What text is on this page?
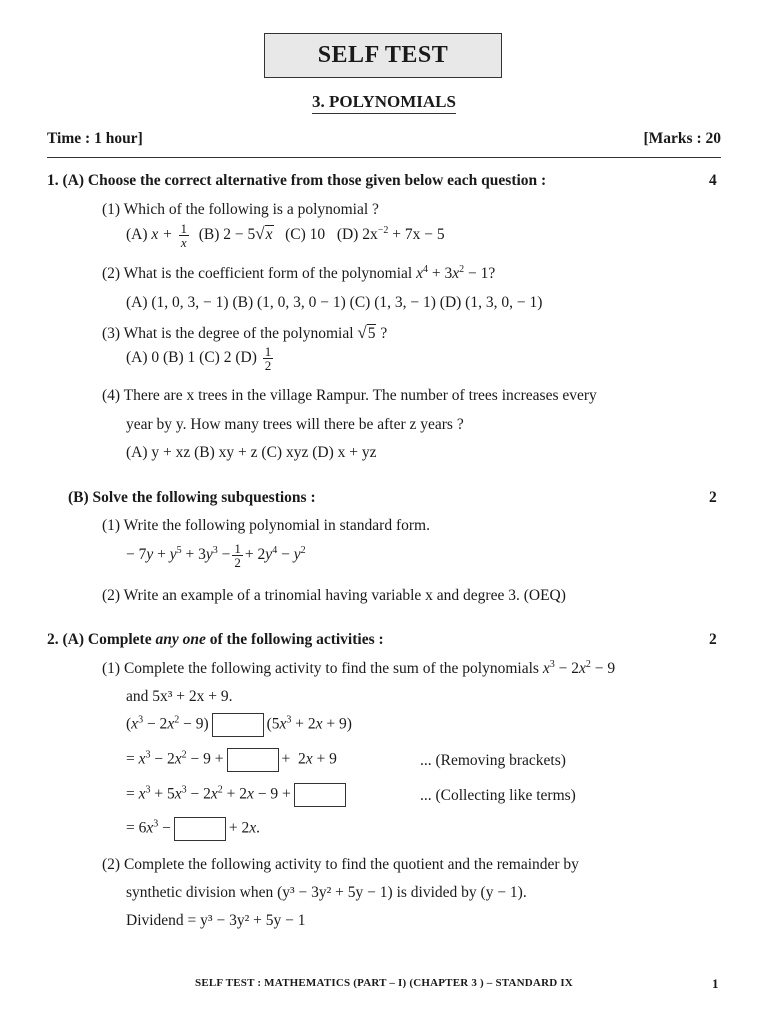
SELF TEST
3. POLYNOMIALS
Time : 1 hour]	[Marks : 20
1. (A) Choose the correct alternative from those given below each question :	4
(1) Which of the following is a polynomial ?
(A) $x + \frac{1}{x} (B) 2 - 5√x$ (C) 10 (D) $2x^{-2} + 7x - 5$
(2) What is the coefficient form of the polynomial $x^4 + 3x^2 - 1$?
(A) (1, 0, 3, − 1) (B) (1, 0, 3, 0 − 1) (C) (1, 3, − 1) (D) (1, 3, 0, − 1)
(3) What is the degree of the polynomial √5 ?
(A) 0 (B) 1 (C) 2 $(D) \frac{1}{2}$
(4) There are x trees in the village Rampur. The number of trees increases every
year by y. How many trees will there be after z years ?
(A) y + xz (B) xy + z (C) xyz (D) x + yz
(B) Solve the following subquestions :	2
(1) Write the following polynomial in standard form.
− $7y + y^5 + 3y^3 - \frac{1}{2} + 2y^4 - y^2$
(2) Write an example of a trinomial having variable x and degree 3. (OEQ)
2. (A) Complete any one of the following activities :	2
(1) Complete the following activity to find the sum of the polynomials $x^3 - 2x^2 - 9$
and 5x³ + 2x + 9.
$(x^3 - 2x^2 - 9)$	$(5x^3 + 2x + 9)$
= $x^3 - 2x^2 - 9$ +	+  2x + 9	... (Removing brackets)
= $x^3 + 5x^3 - 2x^2 + 2x - 9$ +	... (Collecting like terms)
= $6x^3$ −	+ 2x.
(2) Complete the following activity to find the quotient and the remainder by
synthetic division when (y³ − 3y² + 5y − 1) is divided by (y − 1).
Dividend = y³ − 3y² + 5y − 1
SELF TEST : MATHEMATICS (PART – I) (CHAPTER 3 ) – STANDARD IX	1
